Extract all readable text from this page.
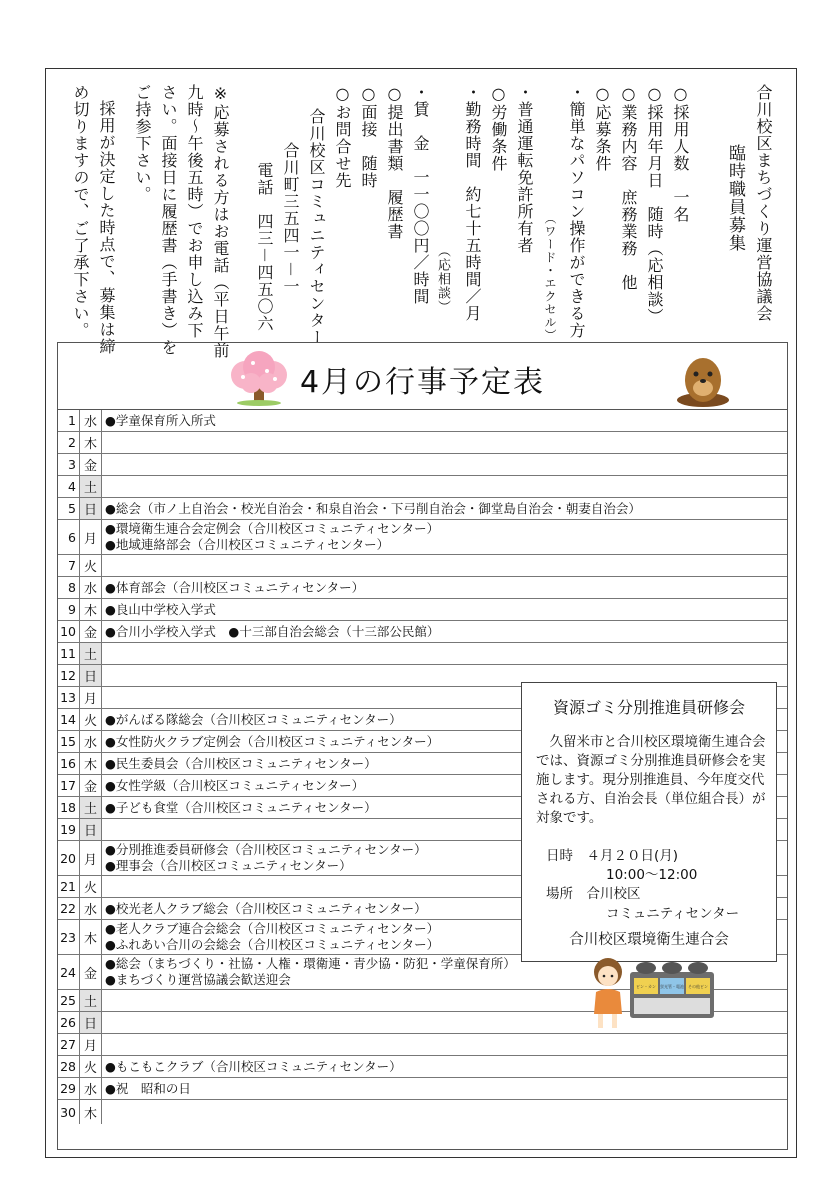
合川校区まちづくり運営協議会
臨時職員募集
○採用人数　一名
○採用年月日　随時（応相談）
○業務内容　庶務業務　他
○応募条件
・簡単なパソコン操作ができる方
（ワード・エクセル）
・普通運転免許所有者
○労働条件
・勤務時間　約七十五時間／月
（応相談）
・賃　金　一一〇〇円／時間
○提出書類　履歴書
○面接　随時
○お問合せ先
合川校区コミュニティセンター
合川町三五四一－一
電話　四三－四五〇六
※応募される方はお電話（平日午前
九時～午後五時）でお申し込み下
さい。面接日に履歴書（手書き）を
ご持参下さい。
採用が決定した時点で、募集は締
め切りますので、ご了承下さい。
4月の行事予定表
1 水 ●学童保育所入所式
2 木
3 金
4 土
5 日 ●総会（市ノ上自治会・校光自治会・和泉自治会・下弓削自治会・御堂島自治会・朝妻自治会）
6 月
●環境衛生連合会定例会（合川校区コミュニティセンター）
●地域連絡部会（合川校区コミュニティセンター）
7 火
8 水 ●体育部会（合川校区コミュニティセンター）
9 木 ●良山中学校入学式
10 金 ●合川小学校入学式　●十三部自治会総会（十三部公民館）
11 土
12 日
13 月
14 火 ●がんばる隊総会（合川校区コミュニティセンター）
15 水 ●女性防火クラブ定例会（合川校区コミュニティセンター）
16 木 ●民生委員会（合川校区コミュニティセンター）
17 金 ●女性学級（合川校区コミュニティセンター）
18 土 ●子ども食堂（合川校区コミュニティセンター）
19 日
20 月
●分別推進委員研修会（合川校区コミュニティセンター）
●理事会（合川校区コミュニティセンター）
21 火
22 水 ●校光老人クラブ総会（合川校区コミュニティセンター）
23 木
●老人クラブ連合会総会（合川校区コミュニティセンター）
●ふれあい合川の会総会（合川校区コミュニティセンター）
24 金
●総会（まちづくり・社協・人権・環衛連・青少協・防犯・学童保育所）
●まちづくり運営協議会歓送迎会
25 土
26 日
27 月
28 火 ●もこもこクラブ（合川校区コミュニティセンター）
29 水 ●祝　昭和の日
30 木
資源ゴミ分別推進員研修会
久留米市と合川校区環境衛生連合会では、資源ゴミ分別推進員研修会を実施します。現分別推進員、今年度交代される方、自治会長（単位組合長）が対象です。
日時　４月２０日(月)
10:00～12:00
場所　合川校区
コミュニティセンター
合川校区環境衛生連合会
ビン・カン 蛍光管・電池 その他ビン
